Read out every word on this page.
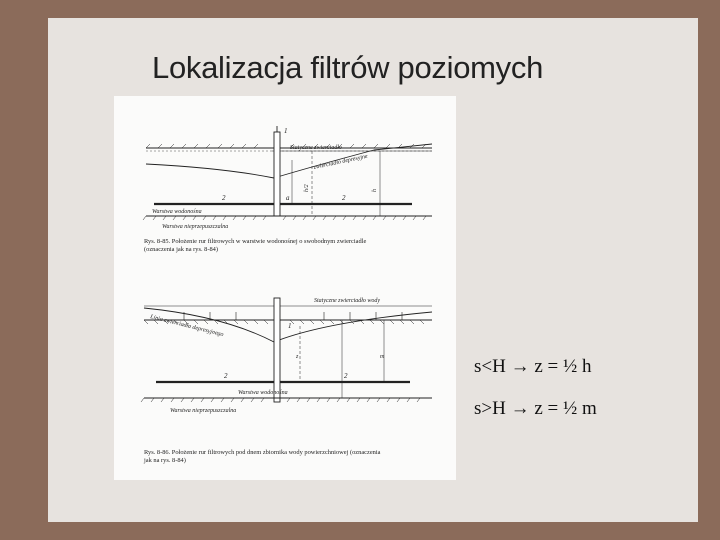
Lokalizacja filtrów poziomych
1
Statyczne zwierciadło
zwierciadło depresyjne
2	2
a
h/2	h
Warstwa wodonośna
Warstwa nieprzepuszczalna
Rys. 8-85. Położenie rur filtrowych w warstwie wodonośnej o swobodnym zwierciadle
(oznaczenia jak na rys. 8-84)
Statyczne zwierciadło wody
Linia zwierciadła depresyjnego	1
2	2
m
z
Warstwa wodonośna
Warstwa nieprzepuszczalna
Rys. 8-86. Położenie rur filtrowych pod dnem zbiornika wody powierzchniowej (oznaczenia
jak na rys. 8-84)
s<H → z = ½ h
s>H → z = ½ m
